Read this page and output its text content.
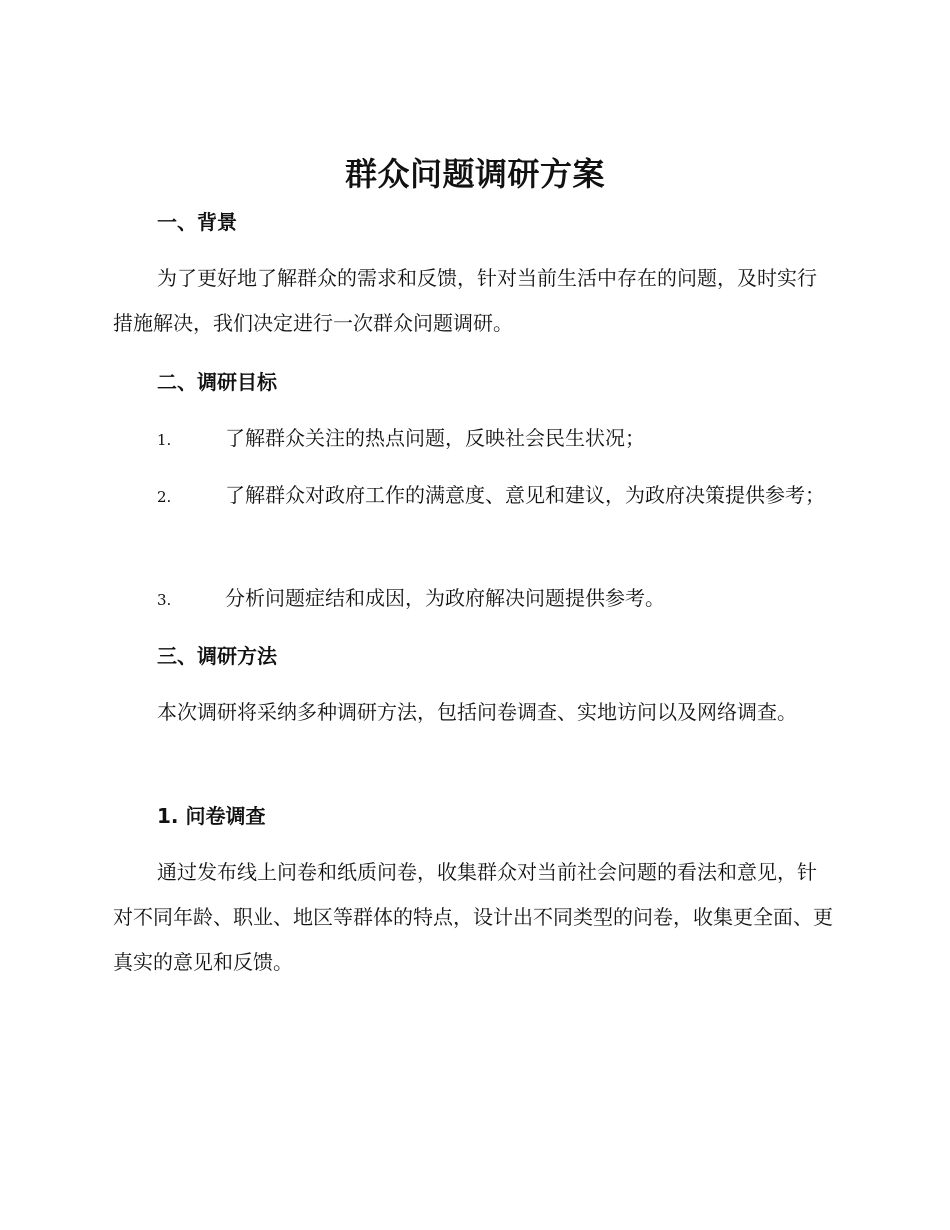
群众问题调研方案
一、背景

为了更好地了解群众的需求和反馈，针对当前生活中存在的问题，及时实行措施解决，我们决定进行一次群众问题调研。

二、调研目标

1.	了解群众关注的热点问题，反映社会民生状况；

2.	了解群众对政府工作的满意度、意见和建议，为政府决策提供参考；

3.	分析问题症结和成因，为政府解决问题提供参考。

三、调研方法

本次调研将采纳多种调研方法，包括问卷调查、实地访问以及网络调查。

1. 问卷调查

通过发布线上问卷和纸质问卷，收集群众对当前社会问题的看法和意见，针对不同年龄、职业、地区等群体的特点，设计出不同类型的问卷，收集更全面、更真实的意见和反馈。
